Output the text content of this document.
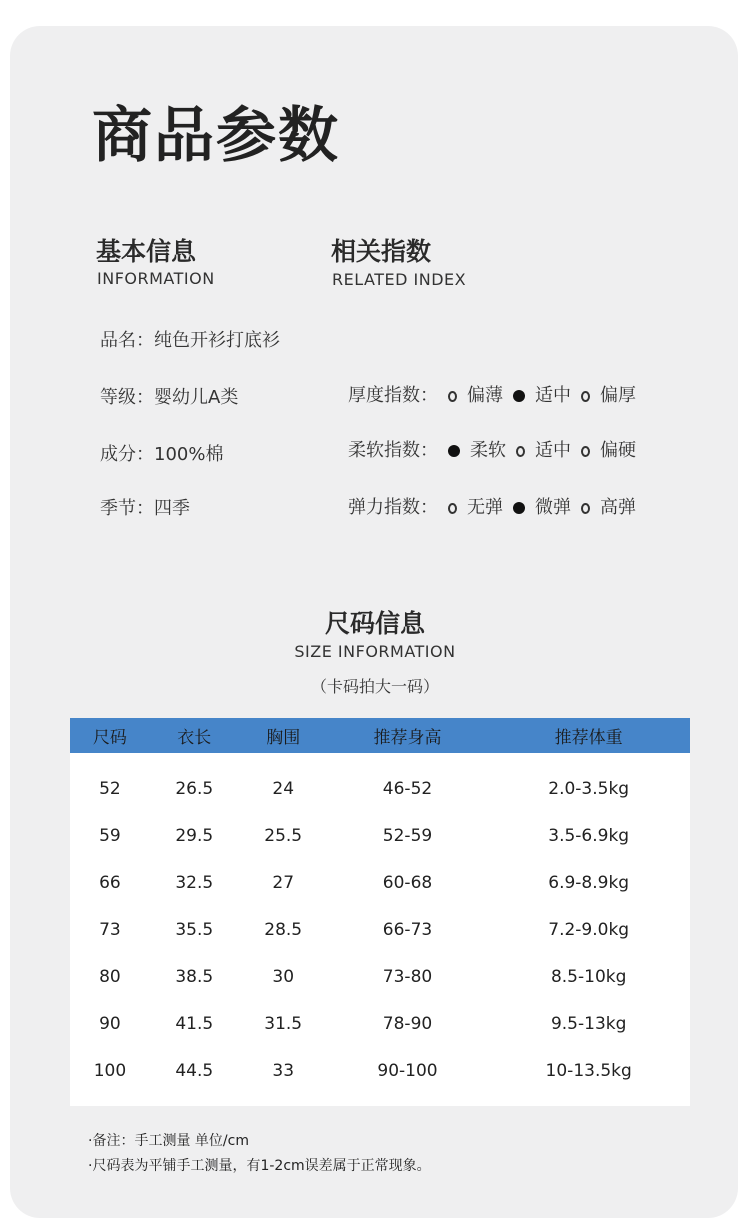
商品参数
基本信息
INFORMATION
相关指数
RELATED INDEX
品名：纯色开衫打底衫
等级：婴幼儿A类
成分：100%棉
季节：四季
厚度指数： 偏薄 适中 偏厚
柔软指数： 柔软 适中 偏硬
弹力指数： 无弹 微弹 高弹
尺码信息
SIZE INFORMATION
（卡码拍大一码）
尺码	衣长	胸围	推荐身高	推荐体重
52	26.5	24	46-52	2.0-3.5kg
59	29.5	25.5	52-59	3.5-6.9kg
66	32.5	27	60-68	6.9-8.9kg
73	35.5	28.5	66-73	7.2-9.0kg
80	38.5	30	73-80	8.5-10kg
90	41.5	31.5	78-90	9.5-13kg
100	44.5	33	90-100	10-13.5kg
·备注：手工测量 单位/cm
·尺码表为平铺手工测量，有1-2cm误差属于正常现象。
